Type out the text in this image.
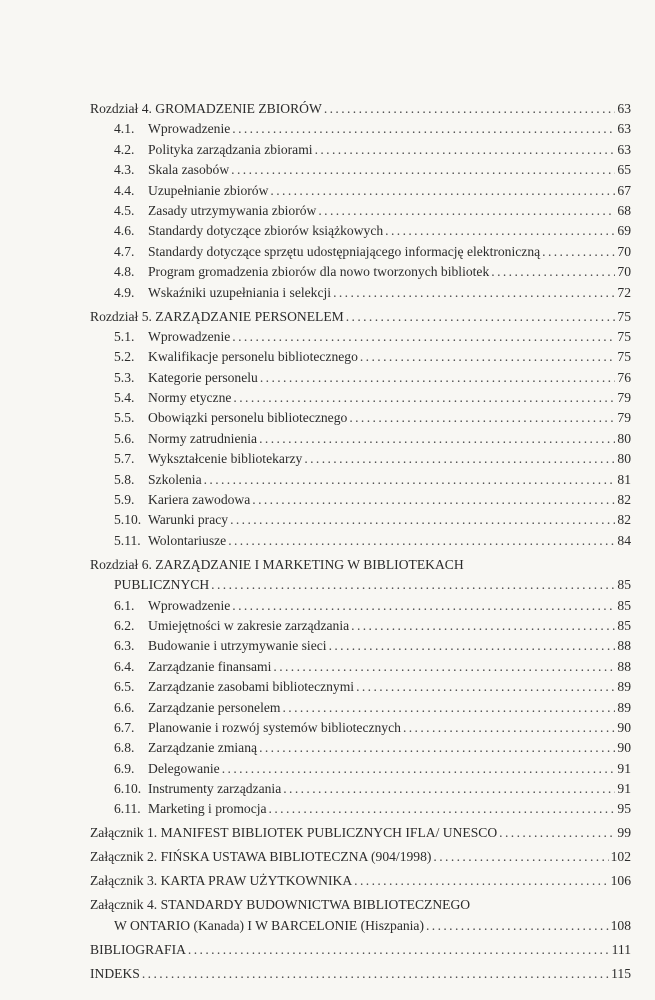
Rozdział 4. GROMADZENIE ZBIORÓW . . .	63
4.1.	Wprowadzenie . . .	63
4.2.	Polityka zarządzania zbiorami . . .	63
4.3.	Skala zasobów . . .	65
4.4.	Uzupełnianie zbiorów . . .	67
4.5.	Zasady utrzymywania zbiorów . . .	68
4.6.	Standardy dotyczące zbiorów książkowych . . .	69
4.7.	Standardy dotyczące sprzętu udostępniającego informację elektroniczną . . .	70
4.8.	Program gromadzenia zbiorów dla nowo tworzonych bibliotek . . .	70
4.9.	Wskaźniki uzupełniania i selekcji . . .	72
Rozdział 5. ZARZĄDZANIE PERSONELEM . . .	75
5.1.	Wprowadzenie . . .	75
5.2.	Kwalifikacje personelu bibliotecznego . . .	75
5.3.	Kategorie personelu . . .	76
5.4.	Normy etyczne . . .	79
5.5.	Obowiązki personelu bibliotecznego . . .	79
5.6.	Normy zatrudnienia . . .	80
5.7.	Wykształcenie bibliotekarzy . . .	80
5.8.	Szkolenia . . .	81
5.9.	Kariera zawodowa . . .	82
5.10. Warunki pracy . . .	82
5.11. Wolontariusze . . .	84
Rozdział 6. ZARZĄDZANIE I MARKETING W BIBLIOTEKACH
PUBLICZNYCH . . .	85
6.1.	Wprowadzenie . . .	85
6.2.	Umiejętności w zakresie zarządzania . . .	85
6.3.	Budowanie i utrzymywanie sieci . . .	88
6.4.	Zarządzanie finansami . . .	88
6.5.	Zarządzanie zasobami bibliotecznymi . . .	89
6.6.	Zarządzanie personelem . . .	89
6.7.	Planowanie i rozwój systemów bibliotecznych . . .	90
6.8.	Zarządzanie zmianą . . .	90
6.9.	Delegowanie . . .	91
6.10. Instrumenty zarządzania . . .	91
6.11. Marketing i promocja . . .	95
Załącznik 1. MANIFEST BIBLIOTEK PUBLICZNYCH IFLA/ UNESCO . . .	99
Załącznik 2. FIŃSKA USTAWA BIBLIOTECZNA (904/1998) . . .	102
Załącznik 3. KARTA PRAW UŻYTKOWNIKA . . .	106
Załącznik 4. STANDARDY BUDOWNICTWA BIBLIOTECZNEGO
W ONTARIO (Kanada) I W BARCELONIE (Hiszpania) . . .	108
BIBLIOGRAFIA . . .	111
INDEKS . . .	115
